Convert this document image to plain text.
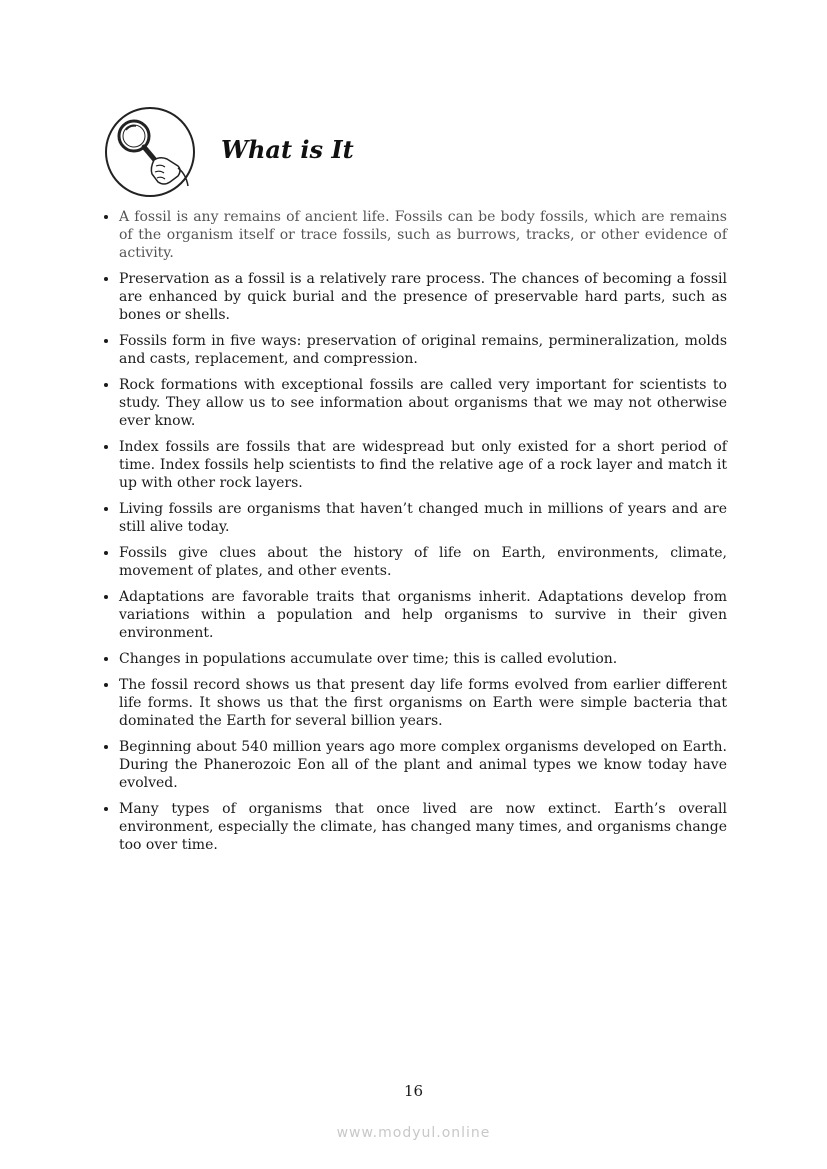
What is It
A fossil is any remains of ancient life. Fossils can be body fossils, which are remains of the organism itself or trace fossils, such as burrows, tracks, or other evidence of activity.
Preservation as a fossil is a relatively rare process. The chances of becoming a fossil are enhanced by quick burial and the presence of preservable hard parts, such as bones or shells.
Fossils form in five ways: preservation of original remains, permineralization, molds and casts, replacement, and compression.
Rock formations with exceptional fossils are called very important for scientists to study. They allow us to see information about organisms that we may not otherwise ever know.
Index fossils are fossils that are widespread but only existed for a short period of time. Index fossils help scientists to find the relative age of a rock layer and match it up with other rock layers.
Living fossils are organisms that haven’t changed much in millions of years and are still alive today.
Fossils give clues about the history of life on Earth, environments, climate, movement of plates, and other events.
Adaptations are favorable traits that organisms inherit. Adaptations develop from variations within a population and help organisms to survive in their given environment.
Changes in populations accumulate over time; this is called evolution.
The fossil record shows us that present day life forms evolved from earlier different life forms. It shows us that the first organisms on Earth were simple bacteria that dominated the Earth for several billion years.
Beginning about 540 million years ago more complex organisms developed on Earth. During the Phanerozoic Eon all of the plant and animal types we know today have evolved.
Many types of organisms that once lived are now extinct. Earth’s overall environment, especially the climate, has changed many times, and organisms change too over time.
16
www.modyul.online
